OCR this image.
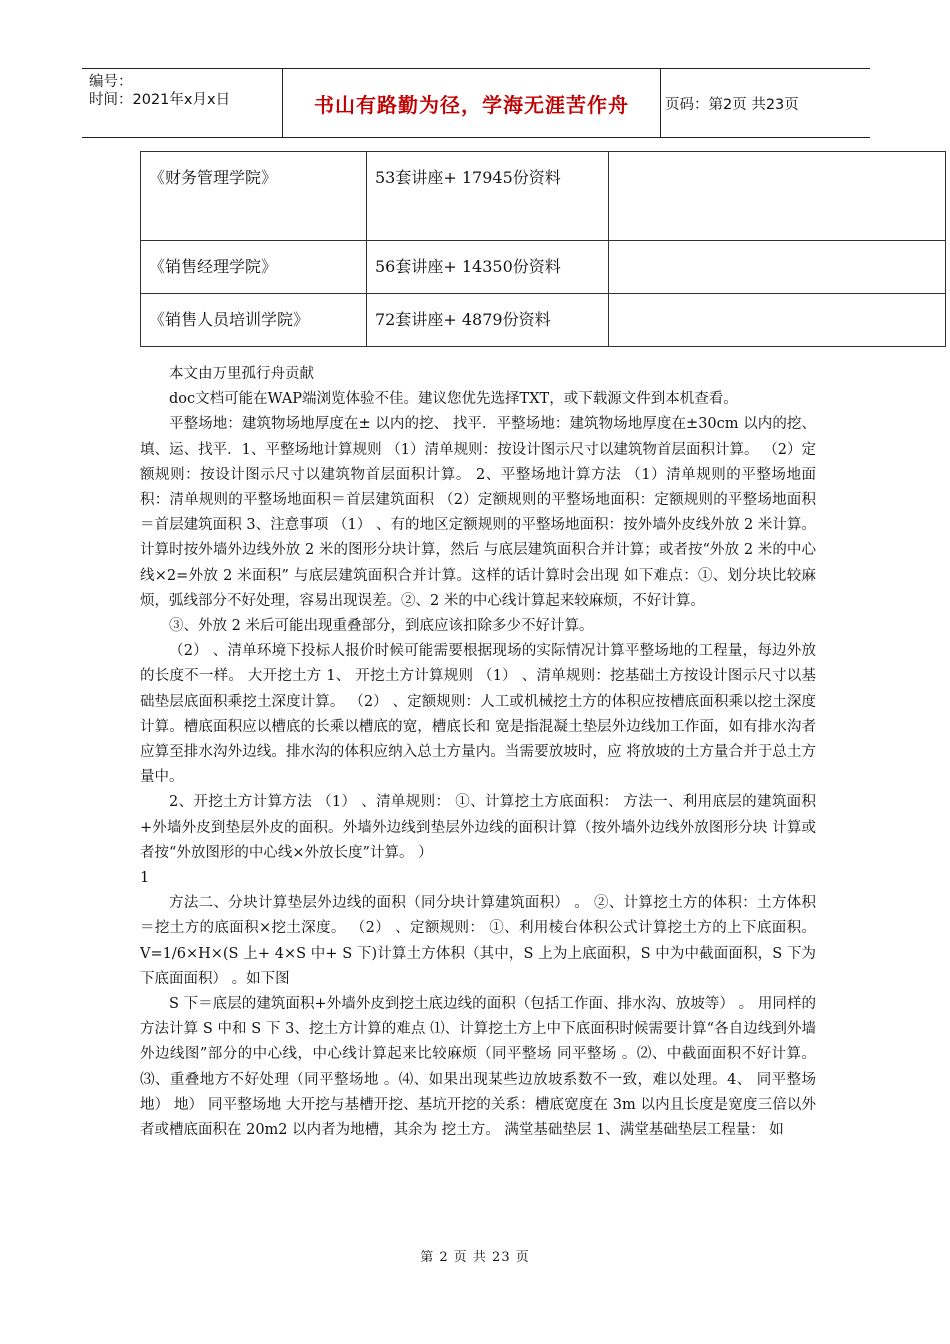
编号：
时间：2021年x月x日	书山有路勤为径，学海无涯苦作舟	页码：第2页 共23页
《财务管理学院》	53套讲座+ 17945份资料	
《销售经理学院》	56套讲座+ 14350份资料	
《销售人员培训学院》	72套讲座+ 4879份资料	

本文由万里孤行舟贡献

doc文档可能在WAP端浏览体验不佳。建议您优先选择TXT，或下载源文件到本机查看。

平整场地：建筑物场地厚度在± 以内的挖、 找平．平整场地：建筑物场地厚度在±30cm 以内的挖、填、运、找平．1、平整场地计算规则 （1）清单规则：按设计图示尺寸以建筑物首层面积计算。 （2）定额规则：按设计图示尺寸以建筑物首层面积计算。 2、平整场地计算方法 （1）清单规则的平整场地面积：清单规则的平整场地面积＝首层建筑面积 （2）定额规则的平整场地面积：定额规则的平整场地面积＝首层建筑面积 3、注意事项 （1） 、有的地区定额规则的平整场地面积：按外墙外皮线外放 2 米计算。计算时按外墙外边线外放 2 米的图形分块计算，然后 与底层建筑面积合并计算；或者按“外放 2 米的中心线×2=外放 2 米面积” 与底层建筑面积合并计算。这样的话计算时会出现 如下难点：①、划分块比较麻烦，弧线部分不好处理，容易出现误差。②、2 米的中心线计算起来较麻烦，不好计算。

③、外放 2 米后可能出现重叠部分，到底应该扣除多少不好计算。

（2） 、清单环境下投标人报价时候可能需要根据现场的实际情况计算平整场地的工程量，每边外放的长度不一样。 大开挖土方 1、 开挖土方计算规则 （1） 、清单规则：挖基础土方按设计图示尺寸以基础垫层底面积乘挖土深度计算。 （2） 、定额规则：人工或机械挖土方的体积应按槽底面积乘以挖土深度计算。槽底面积应以槽底的长乘以槽底的宽，槽底长和 宽是指混凝土垫层外边线加工作面，如有排水沟者应算至排水沟外边线。排水沟的体积应纳入总土方量内。当需要放坡时，应 将放坡的土方量合并于总土方量中。

2、开挖土方计算方法 （1） 、清单规则： ①、计算挖土方底面积： 方法一、利用底层的建筑面积+外墙外皮到垫层外皮的面积。外墙外边线到垫层外边线的面积计算（按外墙外边线外放图形分块 计算或者按“外放图形的中心线×外放长度”计算。 ）

1

方法二、分块计算垫层外边线的面积（同分块计算建筑面积） 。 ②、计算挖土方的体积：土方体积＝挖土方的底面积×挖土深度。 （2） 、定额规则： ①、利用棱台体积公式计算挖土方的上下底面积。 V=1/6×H×(S 上+ 4×S 中+ S 下)计算土方体积（其中，S 上为上底面积，S 中为中截面面积，S 下为下底面面积） 。如下图

S 下＝底层的建筑面积+外墙外皮到挖土底边线的面积（包括工作面、排水沟、放坡等） 。 用同样的方法计算 S 中和 S 下 3、挖土方计算的难点 ⑴、计算挖土方上中下底面积时候需要计算“各自边线到外墙外边线图”部分的中心线，中心线计算起来比较麻烦（同平整场 同平整场 。⑵、中截面面积不好计算。⑶、重叠地方不好处理（同平整场地 。⑷、如果出现某些边放坡系数不一致，难以处理。4、 同平整场地） 地） 同平整场地 大开挖与基槽开挖、基坑开挖的关系：槽底宽度在 3m 以内且长度是宽度三倍以外者或槽底面积在 20m2 以内者为地槽，其余为 挖土方。 满堂基础垫层 1、满堂基础垫层工程量： 如

第 2 页 共 23 页
